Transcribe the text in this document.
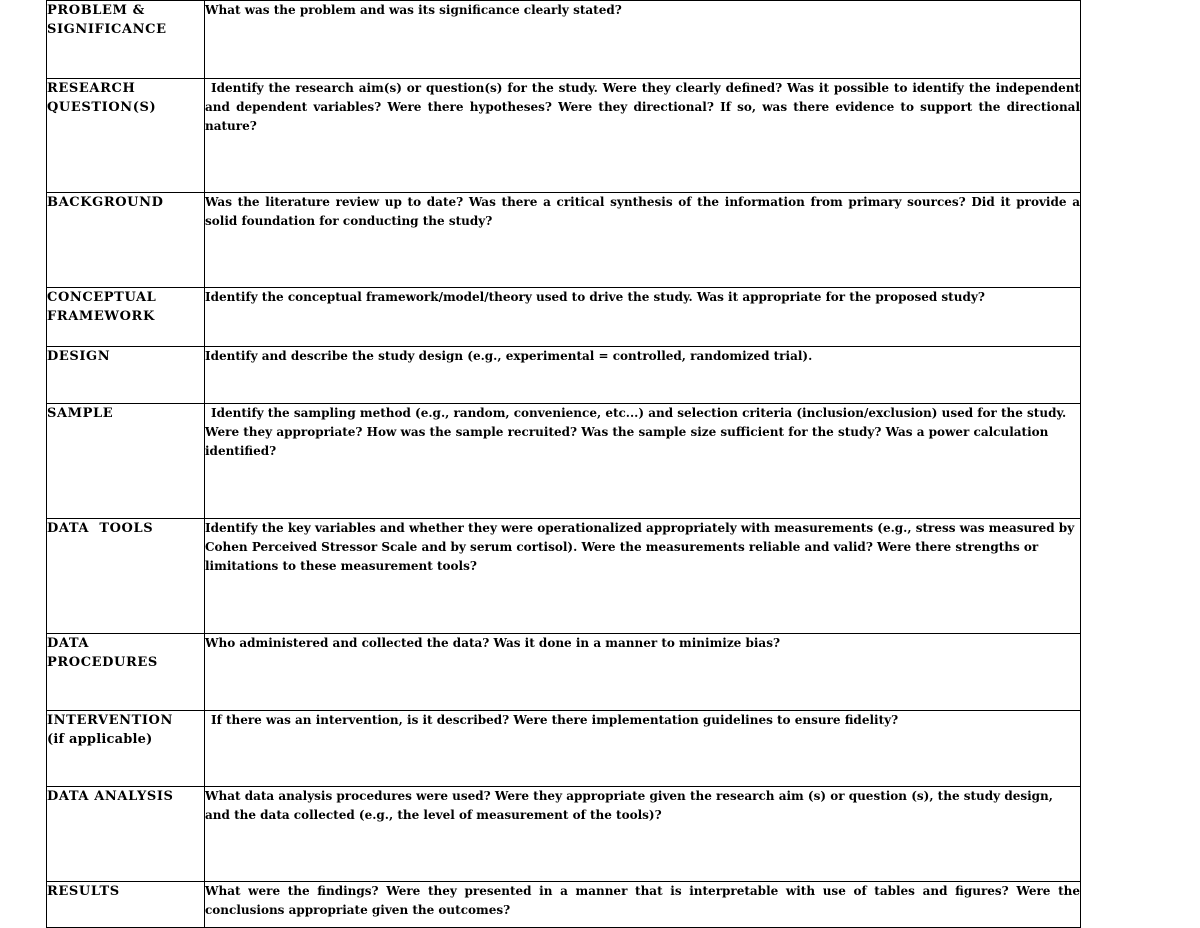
PROBLEM &
SIGNIFICANCE	What was the problem and was its significance clearly stated?

RESEARCH
QUESTION(S)	Identify the research aim(s) or question(s) for the study. Were they clearly defined? Was it possible to identify the independent and dependent variables? Were there hypotheses? Were they directional? If so, was there evidence to support the directional nature?

BACKGROUND	Was the literature review up to date? Was there a critical synthesis of the information from primary sources? Did it provide a solid foundation for conducting the study?

CONCEPTUAL
FRAMEWORK	Identify the conceptual framework/model/theory used to drive the study. Was it appropriate for the proposed study?

DESIGN	Identify and describe the study design (e.g., experimental = controlled, randomized trial).

SAMPLE	Identify the sampling method (e.g., random, convenience, etc...) and selection criteria (inclusion/exclusion) used for the study. Were they appropriate? How was the sample recruited? Was the sample size sufficient for the study? Was a power calculation identified?

DATA  TOOLS	Identify the key variables and whether they were operationalized appropriately with measurements (e.g., stress was measured by Cohen Perceived Stressor Scale and by serum cortisol). Were the measurements reliable and valid? Were there strengths or limitations to these measurement tools?

DATA
PROCEDURES	Who administered and collected the data? Was it done in a manner to minimize bias?

INTERVENTION
(if applicable)	If there was an intervention, is it described? Were there implementation guidelines to ensure fidelity?

DATA ANALYSIS	What data analysis procedures were used? Were they appropriate given the research aim (s) or question (s), the study design, and the data collected (e.g., the level of measurement of the tools)?

RESULTS	What were the findings? Were they presented in a manner that is interpretable with use of tables and figures? Were the conclusions appropriate given the outcomes?
